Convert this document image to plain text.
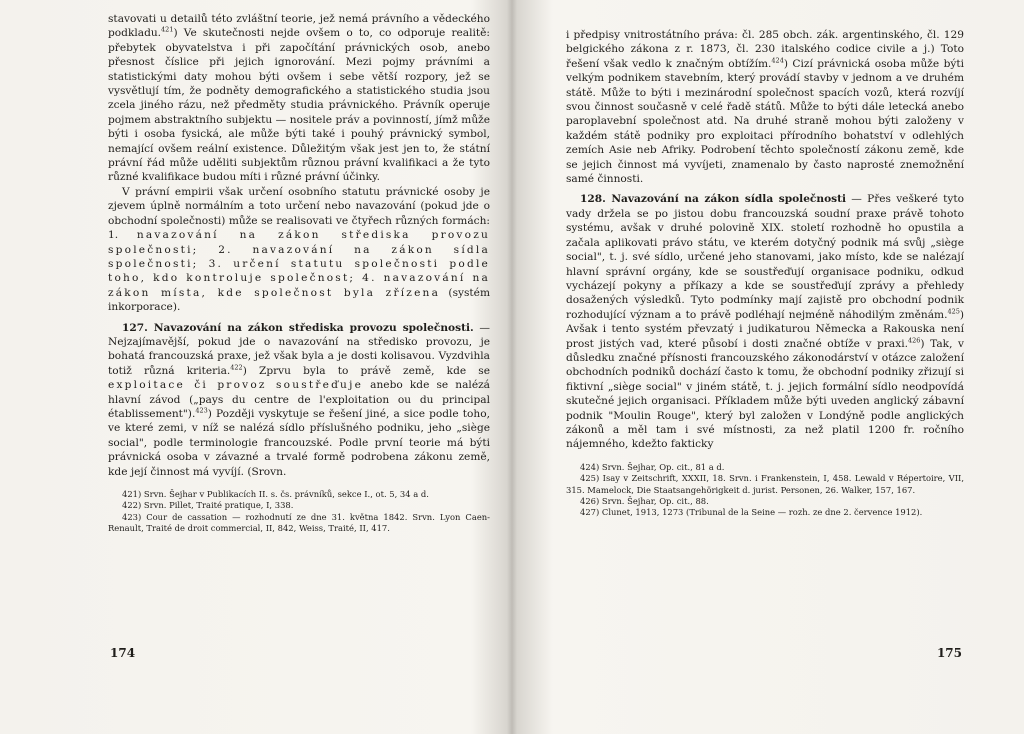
stavovati u detailů této zvláštní teorie, jež nemá právního a vědeckého podkladu.$^{421}$) Ve skutečnosti nejde ovšem o to, co odporuje realitě: přebytek obyvatelstva i při započítání právnických osob, anebo přesnost číslice při jejich ignorování. Mezi pojmy právními a statistickými daty mohou býti ovšem i sebe větší rozpory, jež se vysvětlují tím, že podněty demografického a statistického studia jsou zcela jiného rázu, než předměty studia právnického. Právník operuje pojmem abstraktního subjektu — nositele práv a povinností, jímž může býti i osoba fysická, ale může býti také i pouhý právnický symbol, nemající ovšem reální existence. Důležitým však jest jen to, že státní právní řád může uděliti subjektům různou právní kvalifikaci a že tyto různé kvalifikace budou míti i různé právní účinky.

V právní empirii však určení osobního statutu právnické osoby je zjevem úplně normálním a toto určení nebo navazování (pokud jde o obchodní společnosti) může se realisovati ve čtyřech různých formách: 1. navazování na zákon střediska provozu společnosti; 2. navazování na zákon sídla společnosti; 3. určení statutu společnosti podle toho, kdo kontroluje společnost; 4. navazování na zákon místa, kde společnost byla zřízena (systém inkorporace).

127. Navazování na zákon střediska provozu společnosti. — Nejzajímavější, pokud jde o navazování na středisko provozu, je bohatá francouzská praxe, jež však byla a je dosti kolisavou. Vyzdvihla totiž různá kriteria.$^{422}$) Zprvu byla to právě země, kde se exploitace či provoz soustřeďuje anebo kde se nalézá hlavní závod („pays du centre de l'exploitation ou du principal établissement").$^{423}$) Později vyskytuje se řešení jiné, a sice podle toho, ve které zemi, v níž se nalézá sídlo příslušného podniku, jeho „siège social", podle terminologie francouzské. Podle první teorie má býti právnická osoba v závazné a trvalé formě podrobena zákonu země, kde její činnost má vyvíjí. (Srovn.

421) Srvn. Šejhar v Publikacích II. s. čs. právníků, sekce I., ot. 5, 34 a d.

422) Srvn. Pillet, Traité pratique, I, 338.

423) Cour de cassation — rozhodnutí ze dne 31. května 1842. Srvn. Lyon Caen-Renault, Traité de droit commercial, II, 842, Weiss, Traité, II, 417.

174

i předpisy vnitrostátního práva: čl. 285 obch. zák. argentinského, čl. 129 belgického zákona z r. 1873, čl. 230 italského codice civile a j.) Toto řešení však vedlo k značným obtížím.$^{424}$) Cizí právnická osoba může býti velkým podnikem stavebním, který provádí stavby v jednom a ve druhém státě. Může to býti i mezinárodní společnost spacích vozů, která rozvíjí svou činnost současně v celé řadě států. Může to býti dále letecká anebo paroplavební společnost atd. Na druhé straně mohou býti založeny v každém státě podniky pro exploitaci přírodního bohatství v odlehlých zemích Asie neb Afriky. Podrobení těchto společností zákonu země, kde se jejich činnost má vyvíjeti, znamenalo by často naprosté znemožnění samé činnosti.

128. Navazování na zákon sídla společnosti — Přes veškeré tyto vady držela se po jistou dobu francouzská soudní praxe právě tohoto systému, avšak v druhé polovině XIX. století rozhodně ho opustila a začala aplikovati právo státu, ve kterém dotyčný podnik má svůj „siège social", t. j. své sídlo, určené jeho stanovami, jako místo, kde se nalézají hlavní správní orgány, kde se soustřeďují organisace podniku, odkud vycházejí pokyny a příkazy a kde se soustřeďují zprávy a přehledy dosažených výsledků. Tyto podmínky mají zajistě pro obchodní podnik rozhodující význam a to právě podléhají nejméně náhodilým změnám.$^{425}$) Avšak i tento systém převzatý i judikaturou Německa a Rakouska není prost jistých vad, které působí i dosti značné obtíže v praxi.$^{426}$) Tak, v důsledku značné přísnosti francouzského zákonodárství v otázce založení obchodních podniků dochází často k tomu, že obchodní podniky zřizují si fiktivní „siège social" v jiném státě, t. j. jejich formální sídlo neodpovídá skutečné jejich organisaci. Příkladem může býti uveden anglický zábavní podnik "Moulin Rouge", který byl založen v Londýně podle anglických zákonů a měl tam i své místnosti, za než platil 1200 fr. ročního nájemného, kdežto fakticky

424) Srvn. Šejhar, Op. cit., 81 a d.

425) Isay v Zeitschrift, XXXII, 18. Srvn. i Frankenstein, I, 458. Lewald v Répertoire, VII, 315. Mamelock, Die Staatsangehörigkeit d. jurist. Personen, 26. Walker, 157, 167.

426) Srvn. Šejhar, Op. cit., 88.

427) Clunet, 1913, 1273 (Tribunal de la Seine — rozh. ze dne 2. července 1912).

175
